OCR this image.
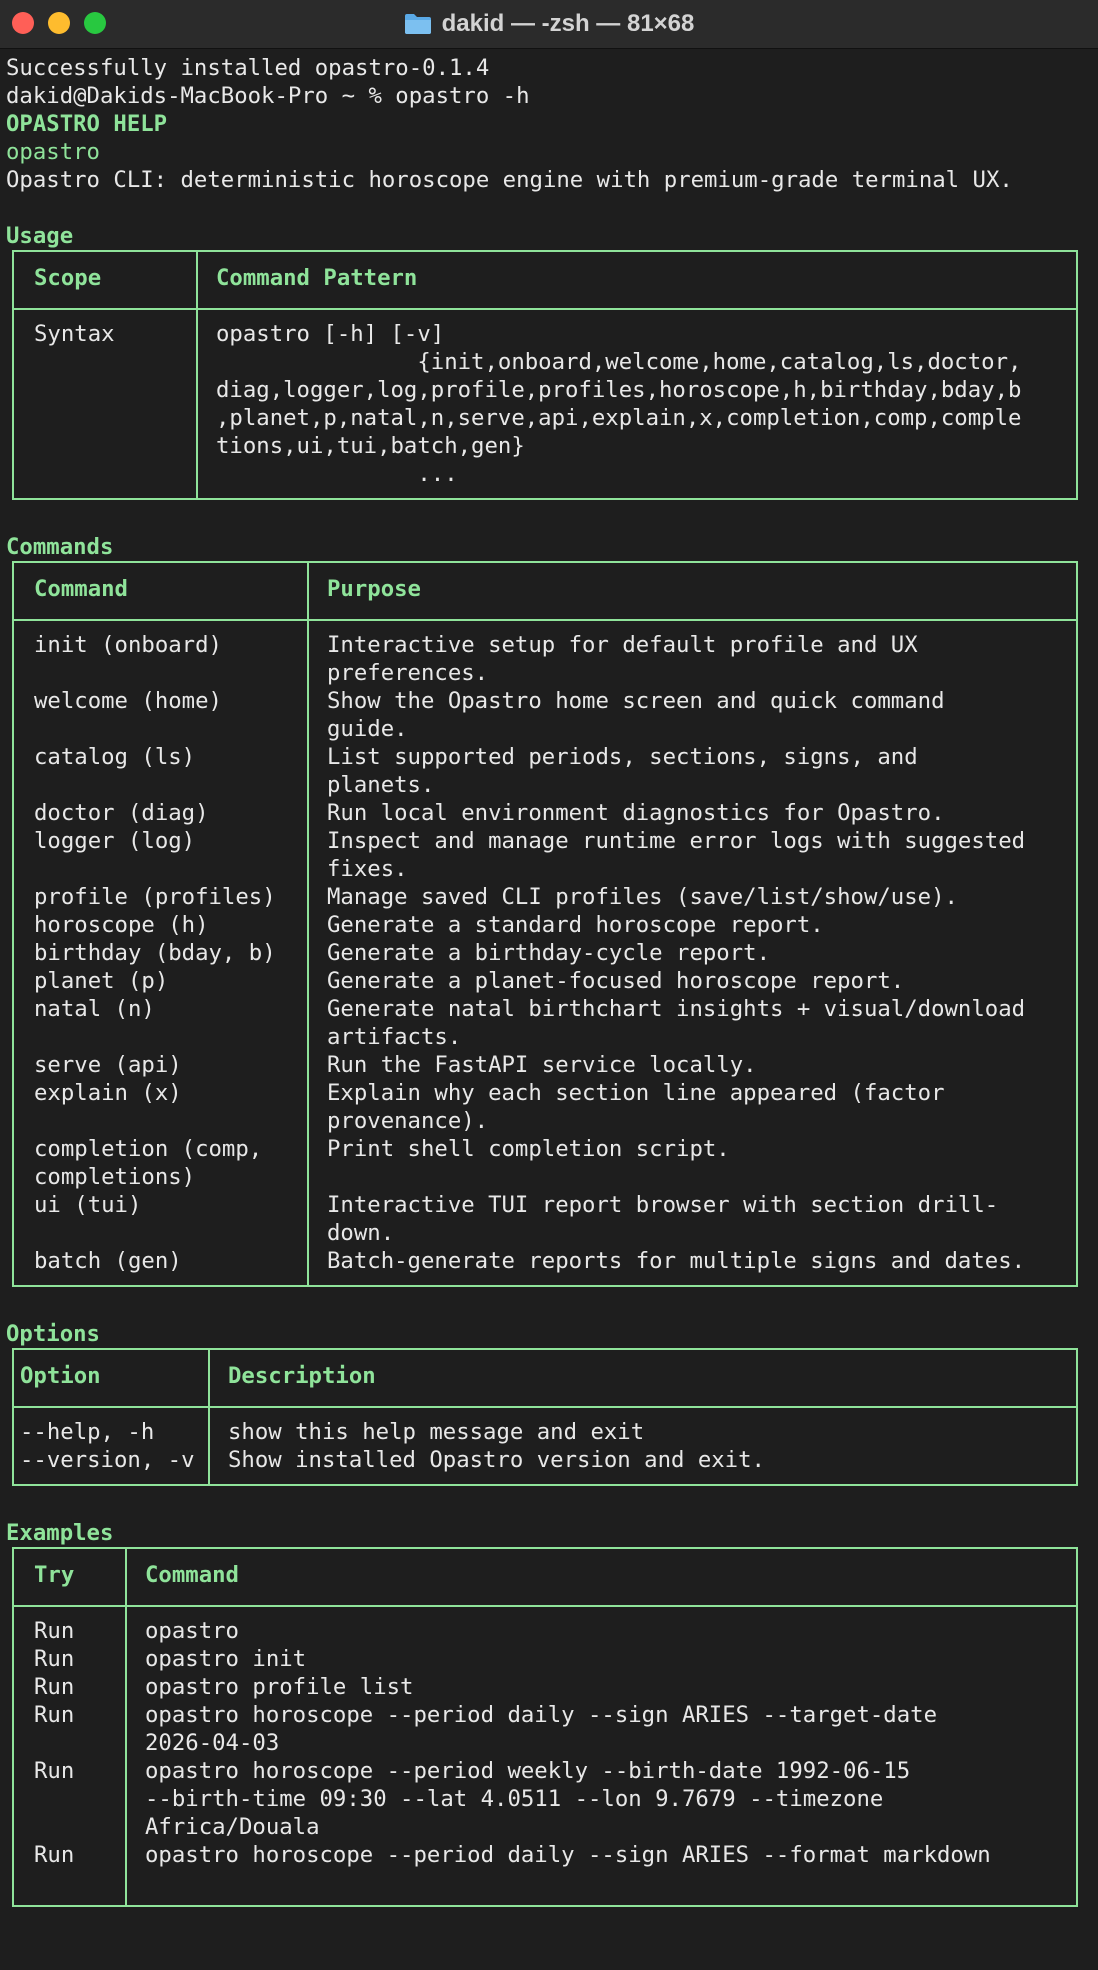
dakid — -zsh — 81×68
Successfully installed opastro-0.1.4
dakid@Dakids-MacBook-Pro ~ % opastro -h
OPASTRO HELP
opastro
Opastro CLI: deterministic horoscope engine with premium-grade terminal UX.
Usage
Scope	Command Pattern
Syntax	opastro [-h] [-v]
{init,onboard,welcome,home,catalog,ls,doctor,
diag,logger,log,profile,profiles,horoscope,h,birthday,bday,b
,planet,p,natal,n,serve,api,explain,x,completion,comp,comple
tions,ui,tui,batch,gen}
...
Commands
Command	Purpose
init (onboard)	Interactive setup for default profile and UX
preferences.
welcome (home)	Show the Opastro home screen and quick command
guide.
catalog (ls)	List supported periods, sections, signs, and
planets.
doctor (diag)	Run local environment diagnostics for Opastro.
logger (log)	Inspect and manage runtime error logs with suggested
fixes.
profile (profiles) Manage saved CLI profiles (save/list/show/use).
horoscope (h)	Generate a standard horoscope report.
birthday (bday, b) Generate a birthday-cycle report.
planet (p)	Generate a planet-focused horoscope report.
natal (n)	Generate natal birthchart insights + visual/download
artifacts.
serve (api)	Run the FastAPI service locally.
explain (x)	Explain why each section line appeared (factor
provenance).
completion (comp,
completions)
Print shell completion script.
ui (tui)	Interactive TUI report browser with section drill-
down.
batch (gen)	Batch-generate reports for multiple signs and dates.
Options
Option	Description
--help, -h	show this help message and exit
--version, -v Show installed Opastro version and exit.
Examples
Try	Command
Run	opastro
Run	opastro init
Run	opastro profile list
Run	opastro horoscope --period daily --sign ARIES --target-date
2026-04-03
Run	opastro horoscope --period weekly --birth-date 1992-06-15
--birth-time 09:30 --lat 4.0511 --lon 9.7679 --timezone
Africa/Douala
Run	opastro horoscope --period daily --sign ARIES --format markdown
